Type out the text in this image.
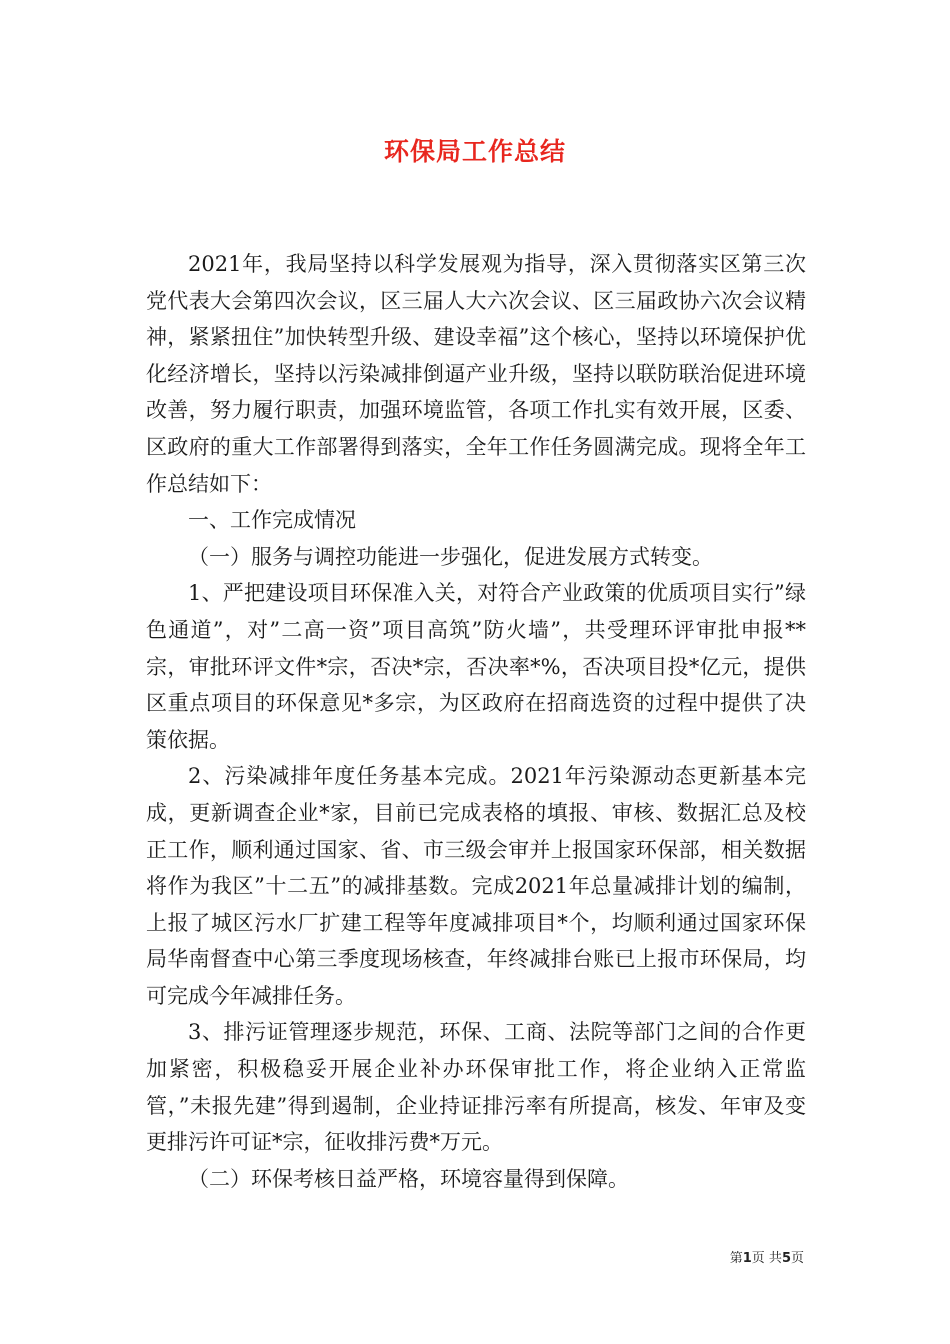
环保局工作总结

2021年，我局坚持以科学发展观为指导，深入贯彻落实区第三次党代表大会第四次会议，区三届人大六次会议、区三届政协六次会议精神，紧紧扭住”加快转型升级、建设幸福”这个核心，坚持以环境保护优化经济增长，坚持以污染减排倒逼产业升级，坚持以联防联治促进环境改善，努力履行职责，加强环境监管，各项工作扎实有效开展，区委、区政府的重大工作部署得到落实，全年工作任务圆满完成。现将全年工作总结如下：

一、工作完成情况

（一）服务与调控功能进一步强化，促进发展方式转变。

1、严把建设项目环保准入关，对符合产业政策的优质项目实行”绿色通道”，对”二高一资”项目高筑”防火墙”，共受理环评审批申报**宗，审批环评文件*宗，否决*宗，否决率*%，否决项目投*亿元，提供区重点项目的环保意见*多宗，为区政府在招商选资的过程中提供了决策依据。

2、污染减排年度任务基本完成。2021年污染源动态更新基本完成，更新调查企业*家，目前已完成表格的填报、审核、数据汇总及校正工作，顺利通过国家、省、市三级会审并上报国家环保部，相关数据将作为我区”十二五”的减排基数。完成2021年总量减排计划的编制，上报了城区污水厂扩建工程等年度减排项目*个，均顺利通过国家环保局华南督查中心第三季度现场核查，年终减排台账已上报市环保局，均可完成今年减排任务。

3、排污证管理逐步规范，环保、工商、法院等部门之间的合作更加紧密，积极稳妥开展企业补办环保审批工作，将企业纳入正常监管，”未报先建”得到遏制，企业持证排污率有所提高，核发、年审及变更排污许可证*宗，征收排污费*万元。

（二）环保考核日益严格，环境容量得到保障。

第1页 共5页
